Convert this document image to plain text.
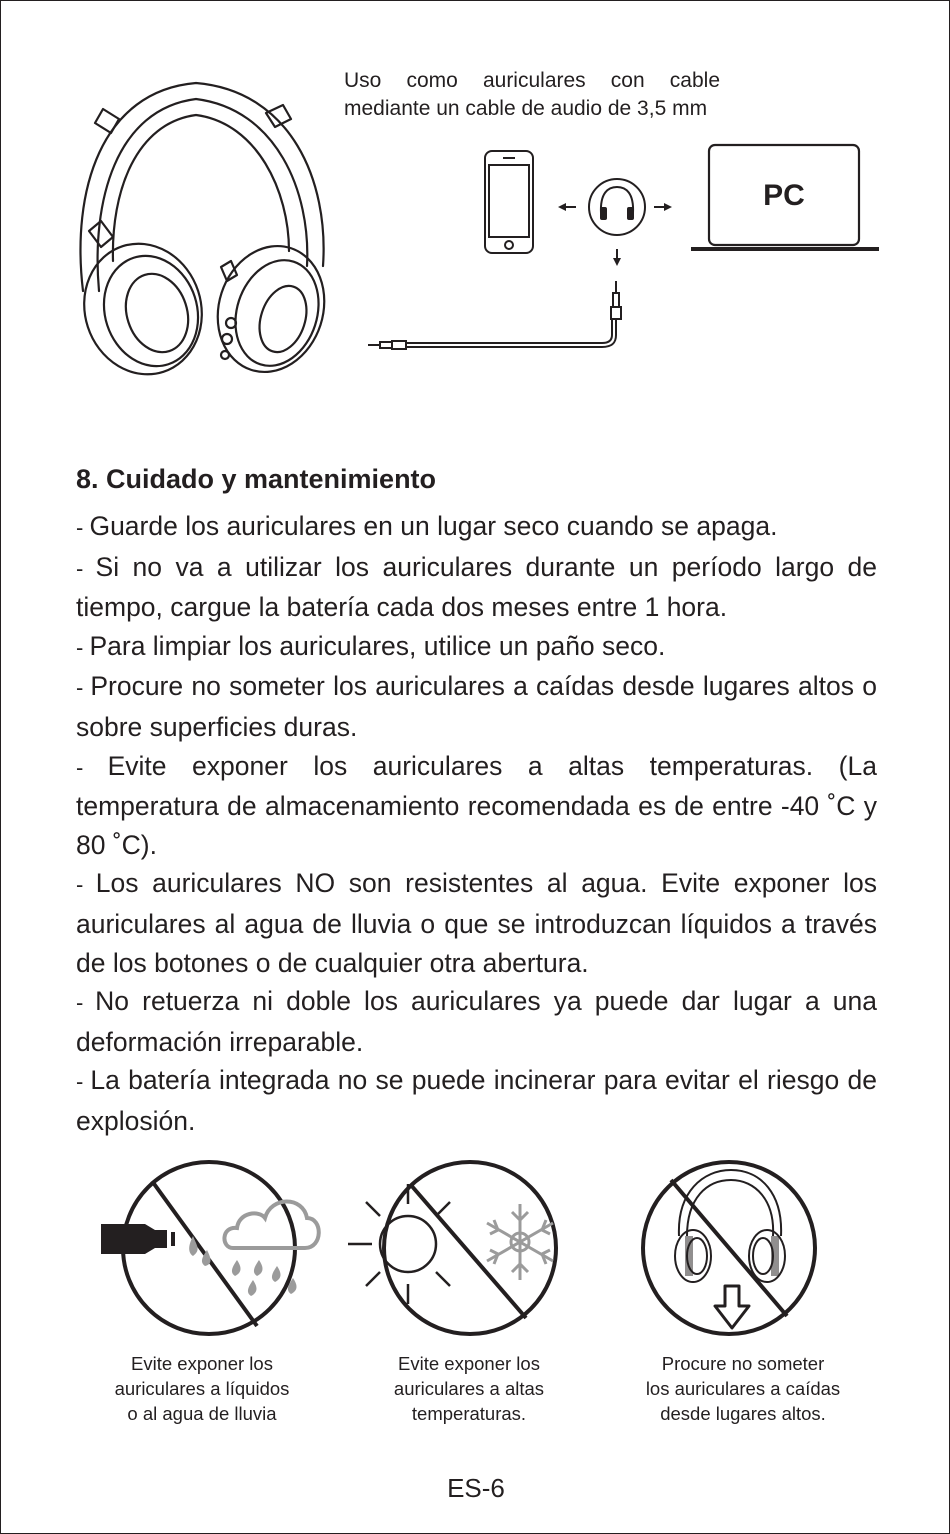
Uso como auriculares con cable mediante un cable de audio de 3,5 mm
PC
8. Cuidado y mantenimiento

- Guarde los auriculares en un lugar seco cuando se apaga.

- Si no va a utilizar los auriculares durante un período largo de tiempo, cargue la batería cada dos meses entre 1 hora.

- Para limpiar los auriculares, utilice un paño seco.

- Procure no someter los auriculares a caídas desde lugares altos o sobre superficies duras.

- Evite exponer los auriculares a altas temperaturas. (La temperatura de almacenamiento recomendada es de entre -40 ˚C y 80 ˚C).

- Los auriculares NO son resistentes al agua. Evite exponer los auriculares al agua de lluvia o que se introduzcan líquidos a través de los botones o de cualquier otra abertura.

- No retuerza ni doble los auriculares ya puede dar lugar a una deformación irreparable.

- La batería integrada no se puede incinerar para evitar el riesgo de explosión.

Evite exponer los
auriculares a líquidos
o al agua de lluvia
Evite exponer los
auriculares a altas
temperaturas.
Procure no someter
los auriculares a caídas
desde lugares altos.
ES-6
